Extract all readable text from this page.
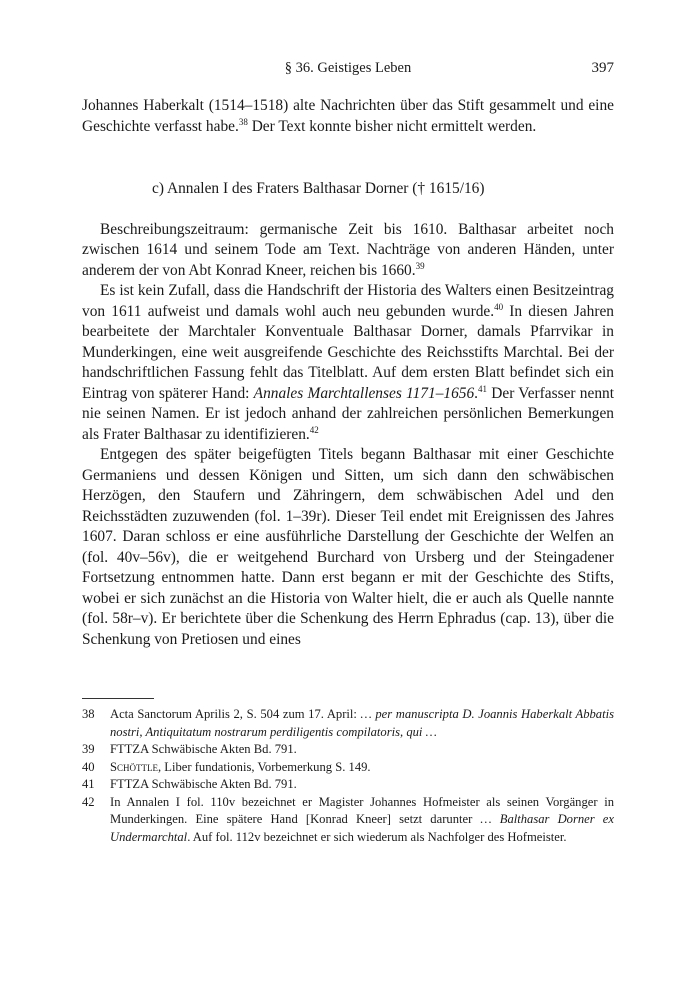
§ 36. Geistiges Leben	397

Johannes Haberkalt (1514–1518) alte Nachrichten über das Stift gesammelt und eine Geschichte verfasst habe.$^{38}$ Der Text konnte bisher nicht ermittelt werden.

c) Annalen I des Fraters Balthasar Dorner († 1615/16)

Beschreibungszeitraum: germanische Zeit bis 1610. Balthasar arbeitet noch zwischen 1614 und seinem Tode am Text. Nachträge von anderen Händen, unter anderem der von Abt Konrad Kneer, reichen bis 1660.39

Es ist kein Zufall, dass die Handschrift der Historia des Walters einen Besitzeintrag von 1611 aufweist und damals wohl auch neu gebunden wurde.$^{40}$ In diesen Jahren bearbeitete der Marchtaler Konventuale Balthasar Dorner, damals Pfarrvikar in Munderkingen, eine weit ausgreifende Geschichte des Reichsstifts Marchtal. Bei der handschriftlichen Fassung fehlt das Titelblatt. Auf dem ersten Blatt befindet sich ein Eintrag von späterer Hand: Annales Marchtallenses 1171–1656.41 Der Verfasser nennt nie seinen Namen. Er ist jedoch anhand der zahlreichen persönlichen Bemerkungen als Frater Balthasar zu identifizieren.$^{42}$

Entgegen des später beigefügten Titels begann Balthasar mit einer Geschichte Germaniens und dessen Königen und Sitten, um sich dann den schwäbischen Herzögen, den Staufern und Zähringern, dem schwäbischen Adel und den Reichsstädten zuzuwenden (fol. 1–39r). Dieser Teil endet mit Ereignissen des Jahres 1607. Daran schloss er eine ausführliche Darstellung der Geschichte der Welfen an (fol. 40v–56v), die er weitgehend Burchard von Ursberg und der Steingadener Fortsetzung entnommen hatte. Dann erst begann er mit der Geschichte des Stifts, wobei er sich zunächst an die Historia von Walter hielt, die er auch als Quelle nannte (fol. 58r–v). Er berichtete über die Schenkung des Herrn Ephradus (cap. 13), über die Schenkung von Pretiosen und eines

38	Acta Sanctorum Aprilis 2, S. 504 zum 17. April: … per manuscripta D. Joannis Haberkalt Abbatis nostri, Antiquitatum nostrarum perdiligentis compilatoris, qui …
39	FTTZA Schwäbische Akten Bd. 791.
40	Schöttle, Liber fundationis, Vorbemerkung S. 149.
41	FTTZA Schwäbische Akten Bd. 791.
42	In Annalen I fol. 110v bezeichnet er Magister Johannes Hofmeister als seinen Vorgänger in Munderkingen. Eine spätere Hand [Konrad Kneer] setzt darunter … Balthasar Dorner ex Undermarchtal. Auf fol. 112v bezeichnet er sich wiederum als Nachfolger des Hofmeister.
